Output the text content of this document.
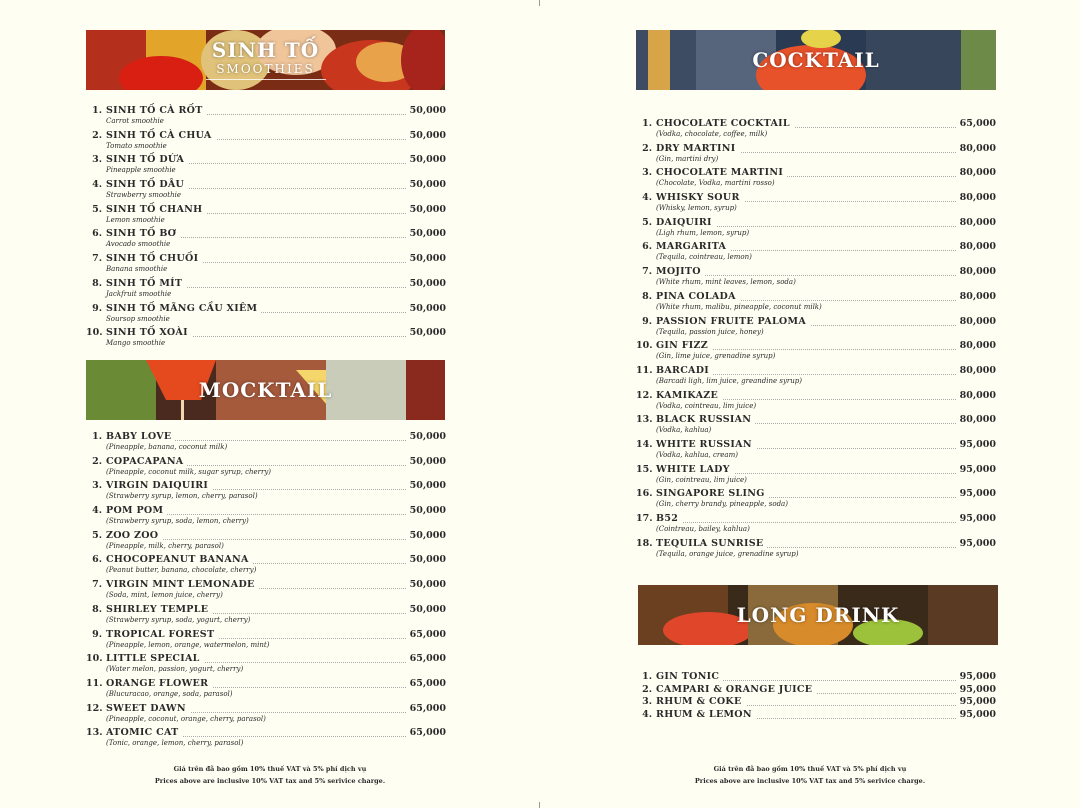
SINH TỐ
SMOOTHIES
1. SINH TỐ CÀ RỐT	50,000
Carrot smoothie
2. SINH TỐ CÀ CHUA	50,000
Tomato smoothie
3. SINH TỐ DỨA	50,000
Pineapple smoothie
4. SINH TỐ DÂU	50,000
Strawberry smoothie
5. SINH TỐ CHANH	50,000
Lemon smoothie
6. SINH TỐ BƠ	50,000
Avocado smoothie
7. SINH TỐ CHUỐI	50,000
Banana smoothie
8. SINH TỐ MÍT	50,000
Jackfruit smoothie
9. SINH TỐ MÃNG CẦU XIÊM	50,000
Soursop smoothie
10. SINH TỐ XOÀI	50,000
Mango smoothie
MOCKTAIL
1. BABY LOVE	50,000
(Pineapple, banana, coconut milk)
2. COPACAPANA	50,000
(Pineapple, coconut milk, sugar syrup, cherry)
3. VIRGIN DAIQUIRI	50,000
(Strawberry syrup, lemon, cherry, parasol)
4. POM POM	50,000
(Strawberry syrup, soda, lemon, cherry)
5. ZOO ZOO	50,000
(Pineapple, milk, cherry, parasol)
6. CHOCOPEANUT BANANA	50,000
(Peanut butter, banana, chocolate, cherry)
7. VIRGIN MINT LEMONADE	50,000
(Soda, mint, lemon juice, cherry)
8. SHIRLEY TEMPLE	50,000
(Strawberry syrup, soda, yogurt, cherry)
9. TROPICAL FOREST	65,000
(Pineapple, lemon, orange, watermelon, mint)
10. LITTLE SPECIAL	65,000
(Water melon, passion, yogurt, cherry)
11. ORANGE FLOWER	65,000
(Blucuracao, orange, soda, parasol)
12. SWEET DAWN	65,000
(Pineapple, coconut, orange, cherry, parasol)
13. ATOMIC CAT	65,000
(Tonic, orange, lemon, cherry, parasol)
Giá trên đã bao gồm 10% thuế VAT và 5% phí dịch vụ
Prices above are inclusive 10% VAT tax and 5% serivice charge.
COCKTAIL
1. CHOCOLATE COCKTAIL	65,000
(Vodka, chocolate, coffee, milk)
2. DRY MARTINI	80,000
(Gin, martini dry)
3. CHOCOLATE MARTINI	80,000
(Chocolate, Vodka, martini rosso)
4. WHISKY SOUR	80,000
(Whisky, lemon, syrup)
5. DAIQUIRI	80,000
(Ligh rhum, lemon, syrup)
6. MARGARITA	80,000
(Tequila, cointreau, lemon)
7. MOJITO	80,000
(White rhum, mint leaves, lemon, soda)
8. PINA COLADA	80,000
(White rhum, malibu, pineapple, coconut milk)
9. PASSION FRUITE PALOMA	80,000
(Tequila, passion juice, honey)
10. GIN FIZZ	80,000
(Gin, lime juice, grenadine syrup)
11. BARCADI	80,000
(Barcadi ligh, lim juice, greandine syrup)
12. KAMIKAZE	80,000
(Vodka, cointreau, lim juice)
13. BLACK RUSSIAN	80,000
(Vodka, kahlua)
14. WHITE RUSSIAN	95,000
(Vodka, kahlua, cream)
15. WHITE LADY	95,000
(Gin, cointreau, lim juice)
16. SINGAPORE SLING	95,000
(Gin, cherry brandy, pineapple, soda)
17. B52	95,000
(Cointreau, bailey, kahlua)
18. TEQUILA SUNRISE	95,000
(Tequila, orange juice, grenadine syrup)
LONG DRINK
1. GIN TONIC	95,000
2. CAMPARI & ORANGE JUICE	95,000
3. RHUM & COKE	95,000
4. RHUM & LEMON	95,000
Giá trên đã bao gồm 10% thuế VAT và 5% phí dịch vụ
Prices above are inclusive 10% VAT tax and 5% serivice charge.
